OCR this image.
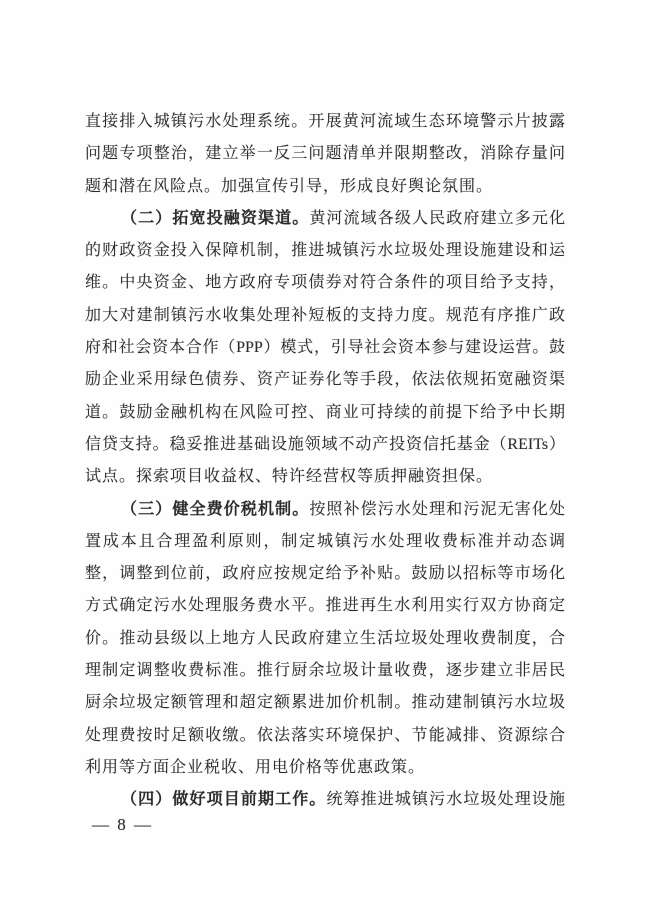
直接排入城镇污水处理系统。开展黄河流域生态环境警示片披露
问题专项整治，建立举一反三问题清单并限期整改，消除存量问
题和潜在风险点。加强宣传引导，形成良好舆论氛围。
（二）拓宽投融资渠道。黄河流域各级人民政府建立多元化
的财政资金投入保障机制，推进城镇污水垃圾处理设施建设和运
维。中央资金、地方政府专项债券对符合条件的项目给予支持，
加大对建制镇污水收集处理补短板的支持力度。规范有序推广政
府和社会资本合作（PPP）模式，引导社会资本参与建设运营。鼓
励企业采用绿色债券、资产证券化等手段，依法依规拓宽融资渠
道。鼓励金融机构在风险可控、商业可持续的前提下给予中长期
信贷支持。稳妥推进基础设施领域不动产投资信托基金（REITs）
试点。探索项目收益权、特许经营权等质押融资担保。
（三）健全费价税机制。按照补偿污水处理和污泥无害化处
置成本且合理盈利原则，制定城镇污水处理收费标准并动态调
整，调整到位前，政府应按规定给予补贴。鼓励以招标等市场化
方式确定污水处理服务费水平。推进再生水利用实行双方协商定
价。推动县级以上地方人民政府建立生活垃圾处理收费制度，合
理制定调整收费标准。推行厨余垃圾计量收费，逐步建立非居民
厨余垃圾定额管理和超定额累进加价机制。推动建制镇污水垃圾
处理费按时足额收缴。依法落实环境保护、节能减排、资源综合
利用等方面企业税收、用电价格等优惠政策。
（四）做好项目前期工作。统筹推进城镇污水垃圾处理设施
— 8 —
